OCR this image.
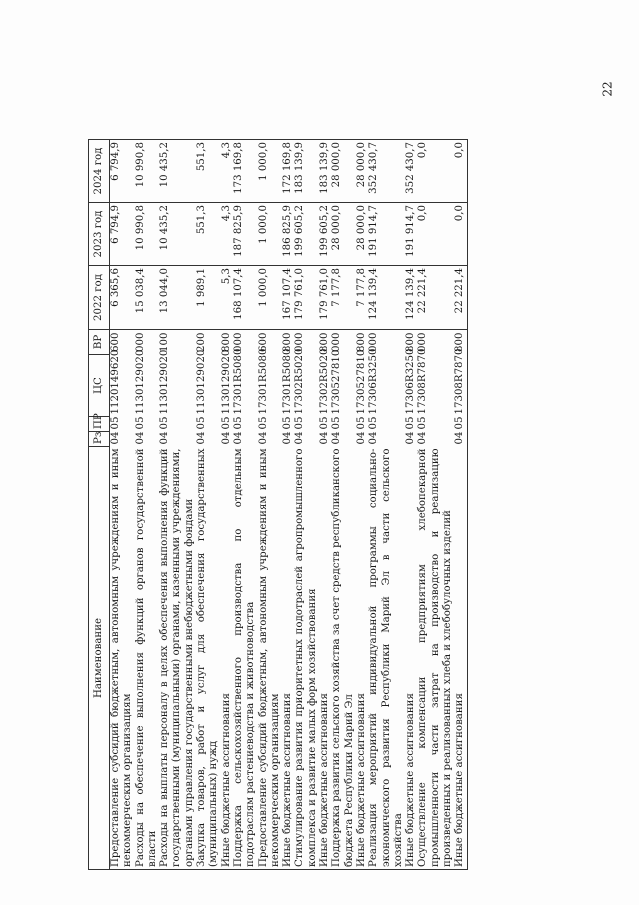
22
Наименование	Рз	ПР	ЦС	ВР	2022 год	2023 год	2024 год
Предоставление субсидий бюджетным, автономным учреждениям и иным некоммерческим организациям	04	05	1120149620	600	6 365,6	6 794,9	6 794,9
Расходы на обеспечение выполнения функций органов государственной власти	04	05	1130129020	000	15 038,4	10 990,8	10 990,8
Расходы на выплаты персоналу в целях обеспечения выполнения функций государственными (муниципальными) органами, казенными учреждениями, органами управления государственными внебюджетными фондами	04	05	1130129020	100	13 044,0	10 435,2	10 435,2
Закупка товаров, работ и услуг для обеспечения государственных (муниципальных) нужд	04	05	1130129020	200	1 989,1	551,3	551,3
Иные бюджетные ассигнования	04	05	1130129020	800	5,3	4,3	4,3
Поддержка сельскохозяйственного производства по отдельным подотраслям растениеводства и животноводства	04	05	17301R5080	000	168 107,4	187 825,9	173 169,8
Предоставление субсидий бюджетным, автономным учреждениям и иным некоммерческим организациям	04	05	17301R5080	600	1 000,0	1 000,0	1 000,0
Иные бюджетные ассигнования	04	05	17301R5080	800	167 107,4	186 825,9	172 169,8
Стимулирование развития приоритетных подотраслей агропромышленного комплекса и развитие малых форм хозяйствования	04	05	17302R5020	000	179 761,0	199 605,2	183 139,9
Иные бюджетные ассигнования	04	05	17302R5020	800	179 761,0	199 605,2	183 139,9
Поддержка развития сельского хозяйства за счет средств республиканского бюджета Республики Марий Эл	04	05	1730527810	000	7 177,8	28 000,0	28 000,0
Иные бюджетные ассигнования	04	05	1730527810	800	7 177,8	28 000,0	28 000,0
Реализация мероприятий индивидуальной программы социально-экономического развития Республики Марий Эл в части сельского хозяйства	04	05	17306R3250	000	124 139,4	191 914,7	352 430,7
Иные бюджетные ассигнования	04	05	17306R3250	800	124 139,4	191 914,7	352 430,7
Осуществление компенсации предприятиям хлебопекарной промышленности части затрат на производство и реализацию произведенных и реализованных хлеба и хлебобулочных изделий	04	05	17308R7870	000	22 221,4	0,0	0,0
Иные бюджетные ассигнования	04	05	17308R7870	800	22 221,4	0,0	0,0
